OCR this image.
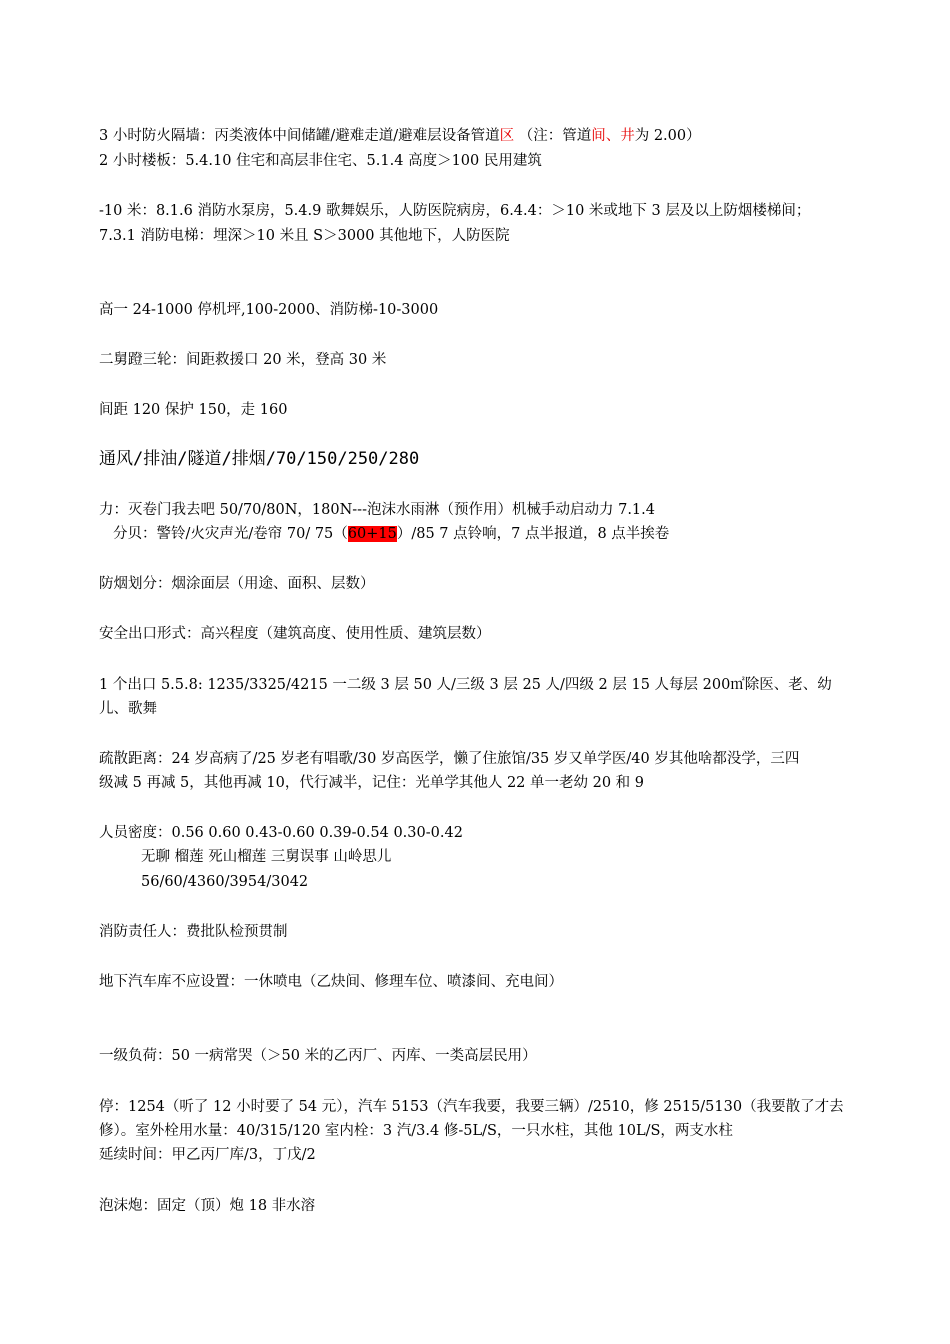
3 小时防火隔墙：丙类液体中间储罐/避难走道/避难层设备管道区 （注：管道间、井为 2.00）
2 小时楼板：5.4.10 住宅和高层非住宅、5.1.4 高度＞100 民用建筑
-10 米：8.1.6 消防水泵房，5.4.9 歌舞娱乐，人防医院病房，6.4.4：＞10 米或地下 3 层及以上防烟楼梯间；
7.3.1 消防电梯：埋深＞10 米且 S＞3000 其他地下，人防医院
高一 24-1000 停机坪,100-2000、消防梯-10-3000
二舅蹬三轮：间距救援口 20 米，登高 30 米
间距 120 保护 150，走 160
通风/排油/隧道/排烟/70/150/250/280
力：灭卷门我去吧 50/70/80N，180N---泡沫水雨淋（预作用）机械手动启动力 7.1.4
分贝：警铃/火灾声光/卷帘 70/ 75（60+15）/85 7 点铃响，7 点半报道，8 点半挨卷
防烟划分：烟涂面层（用途、面积、层数）
安全出口形式：高兴程度（建筑高度、使用性质、建筑层数）
1 个出口 5.5.8: 1235/3325/4215 一二级 3 层 50 人/三级 3 层 25 人/四级 2 层 15 人每层 200㎡除医、老、幼
儿、歌舞
疏散距离：24 岁高病了/25 岁老有唱歌/30 岁高医学，懒了住旅馆/35 岁又单学医/40 岁其他啥都没学，三四
级减 5 再减 5，其他再减 10，代行减半，记住：光单学其他人 22 单一老幼 20 和 9
人员密度：0.56 0.60 0.43-0.60 0.39-0.54 0.30-0.42
无聊 榴莲 死山榴莲 三舅误事 山岭思儿
56/60/4360/3954/3042
消防责任人：费批队检预贯制
地下汽车库不应设置：一休喷电（乙炔间、修理车位、喷漆间、充电间）
一级负荷：50 一病常哭（＞50 米的乙丙厂、丙库、一类高层民用）
停：1254（听了 12 小时要了 54 元），汽车 5153（汽车我要，我要三辆）/2510，修 2515/5130（我要散了才去
修）。室外栓用水量：40/315/120 室内栓：3 汽/3.4 修-5L/S，一只水柱，其他 10L/S，两支水柱
延续时间：甲乙丙厂库/3，丁戊/2
泡沫炮：固定（顶）炮 18 非水溶
